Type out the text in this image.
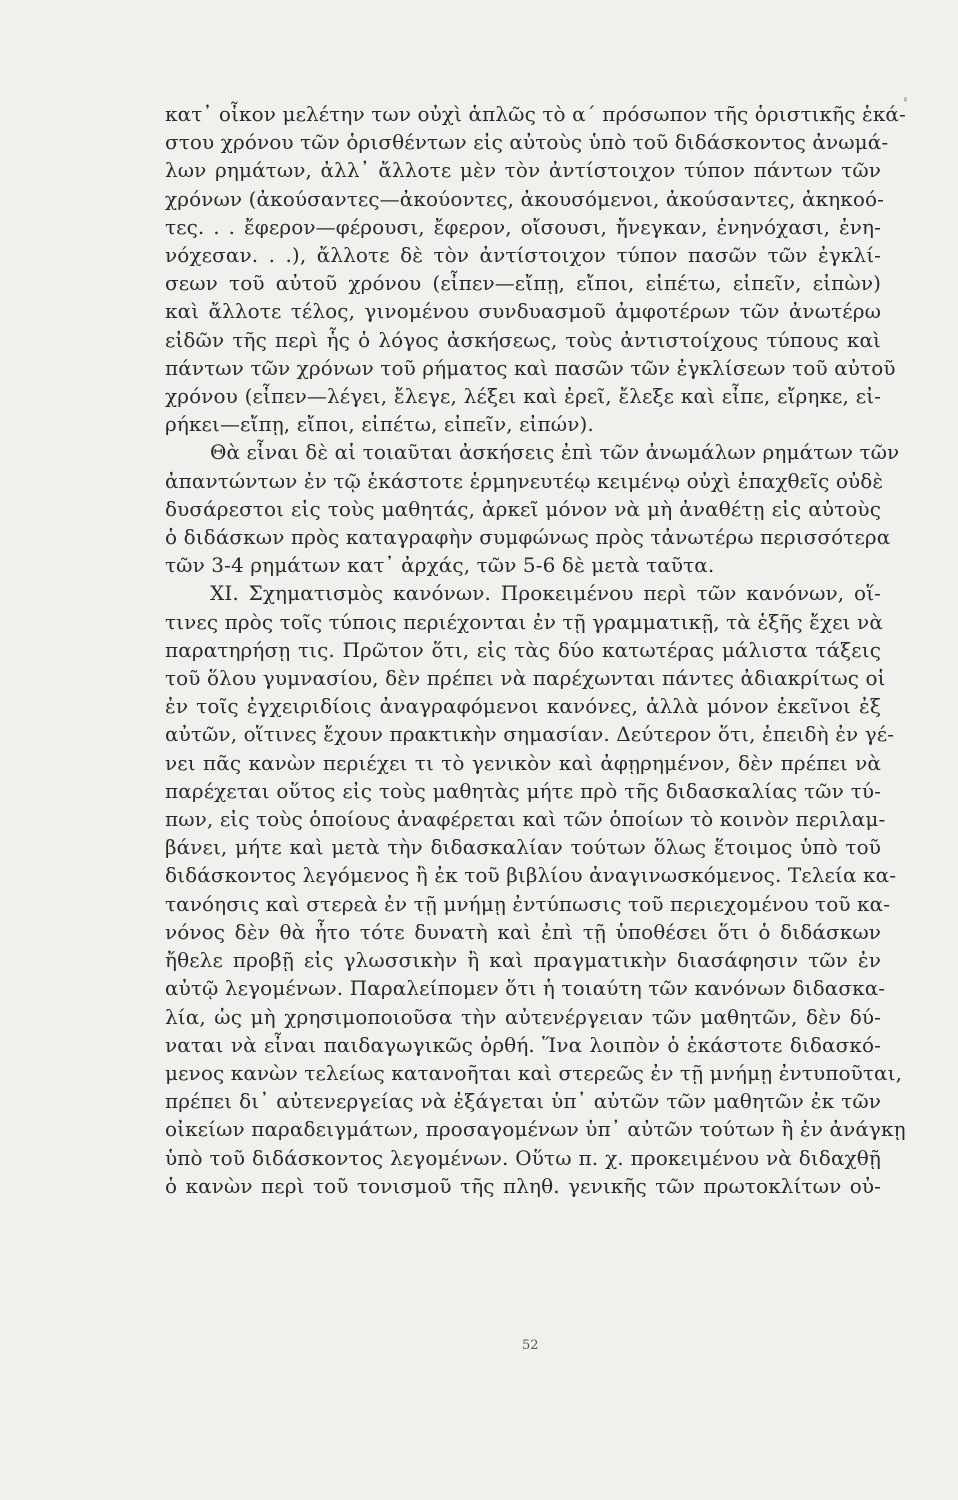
κατ᾽ οἶκον μελέτην των οὐχὶ ἁπλῶς τὸ α´ πρόσωπον τῆς ὁριστικῆς ἑκά-
στου χρόνου τῶν ὁρισθέντων εἰς αὐτοὺς ὑπὸ τοῦ διδάσκοντος ἀνωμά-
λων ρημάτων, ἀλλ᾽ ἄλλοτε μὲν τὸν ἀντίστοιχον τύπον πάντων τῶν
χρόνων (ἀκούσαντες—ἀκούοντες, ἀκουσόμενοι, ἀκούσαντες, ἀκηκοό-
τες. . . ἔφερον—φέρουσι, ἔφερον, οἴσουσι, ἤνεγκαν, ἐνηνόχασι, ἐνη-
νόχεσαν. . .), ἄλλοτε δὲ τὸν ἀντίστοιχον τύπον πασῶν τῶν ἐγκλί-
σεων τοῦ αὐτοῦ χρόνου (εἶπεν—εἴπῃ, εἴποι, εἰπέτω, εἰπεῖν, εἰπὼν)
καὶ ἄλλοτε τέλος, γινομένου συνδυασμοῦ ἀμφοτέρων τῶν ἀνωτέρω
εἰδῶν τῆς περὶ ἧς ὁ λόγος ἀσκήσεως, τοὺς ἀντιστοίχους τύπους καὶ
πάντων τῶν χρόνων τοῦ ρήματος καὶ πασῶν τῶν ἐγκλίσεων τοῦ αὐτοῦ
χρόνου (εἶπεν—λέγει, ἔλεγε, λέξει καὶ ἐρεῖ, ἔλεξε καὶ εἶπε, εἴρηκε, εἰ-
ρήκει—εἴπῃ, εἴποι, εἰπέτω, εἰπεῖν, εἰπών).
Θὰ εἶναι δὲ αἱ τοιαῦται ἀσκήσεις ἐπὶ τῶν ἀνωμάλων ρημάτων τῶν
ἀπαντώντων ἐν τῷ ἑκάστοτε ἑρμηνευτέῳ κειμένῳ οὐχὶ ἐπαχθεῖς οὐδὲ
δυσάρεστοι εἰς τοὺς μαθητάς, ἀρκεῖ μόνον νὰ μὴ ἀναθέτῃ εἰς αὐτοὺς
ὁ διδάσκων πρὸς καταγραφὴν συμφώνως πρὸς τἀνωτέρω περισσότερα
τῶν 3-4 ρημάτων κατ᾽ ἀρχάς, τῶν 5-6 δὲ μετὰ ταῦτα.
XI. Σχηματισμὸς κανόνων. Προκειμένου περὶ τῶν κανόνων, οἵ-
τινες πρὸς τοῖς τύποις περιέχονται ἐν τῇ γραμματικῇ, τὰ ἑξῆς ἔχει νὰ
παρατηρήσῃ τις. Πρῶτον ὅτι, εἰς τὰς δύο κατωτέρας μάλιστα τάξεις
τοῦ ὅλου γυμνασίου, δὲν πρέπει νὰ παρέχωνται πάντες ἀδιακρίτως οἱ
ἐν τοῖς ἐγχειριδίοις ἀναγραφόμενοι κανόνες, ἀλλὰ μόνον ἐκεῖνοι ἐξ
αὐτῶν, οἵτινες ἔχουν πρακτικὴν σημασίαν. Δεύτερον ὅτι, ἐπειδὴ ἐν γέ-
νει πᾶς κανὼν περιέχει τι τὸ γενικὸν καὶ ἀφῃρημένον, δὲν πρέπει νὰ
παρέχεται οὕτος εἰς τοὺς μαθητὰς μήτε πρὸ τῆς διδασκαλίας τῶν τύ-
πων, εἰς τοὺς ὁποίους ἀναφέρεται καὶ τῶν ὁποίων τὸ κοινὸν περιλαμ-
βάνει, μήτε καὶ μετὰ τὴν διδασκαλίαν τούτων ὅλως ἕτοιμος ὑπὸ τοῦ
διδάσκοντος λεγόμενος ἢ ἐκ τοῦ βιβλίου ἀναγινωσκόμενος. Τελεία κα-
τανόησις καὶ στερεὰ ἐν τῇ μνήμῃ ἐντύπωσις τοῦ περιεχομένου τοῦ κα-
νόνος δὲν θὰ ἦτο τότε δυνατὴ καὶ ἐπὶ τῇ ὑποθέσει ὅτι ὁ διδάσκων
ἤθελε προβῇ εἰς γλωσσικὴν ἢ καὶ πραγματικὴν διασάφησιν τῶν ἐν
αὐτῷ λεγομένων. Παραλείπομεν ὅτι ἡ τοιαύτη τῶν κανόνων διδασκα-
λία, ὡς μὴ χρησιμοποιοῦσα τὴν αὐτενέργειαν τῶν μαθητῶν, δὲν δύ-
ναται νὰ εἶναι παιδαγωγικῶς ὀρθή. Ἵνα λοιπὸν ὁ ἑκάστοτε διδασκό-
μενος κανὼν τελείως κατανοῆται καὶ στερεῶς ἐν τῇ μνήμῃ ἐντυποῦται,
πρέπει δι᾽ αὐτενεργείας νὰ ἐξάγεται ὑπ᾽ αὐτῶν τῶν μαθητῶν ἐκ τῶν
οἰκείων παραδειγμάτων, προσαγομένων ὑπ᾽ αὐτῶν τούτων ἢ ἐν ἀνάγκῃ
ὑπὸ τοῦ διδάσκοντος λεγομένων. Οὕτω π. χ. προκειμένου νὰ διδαχθῇ
ὁ κανὼν περὶ τοῦ τονισμοῦ τῆς πληθ. γενικῆς τῶν πρωτοκλίτων οὐ-
52
